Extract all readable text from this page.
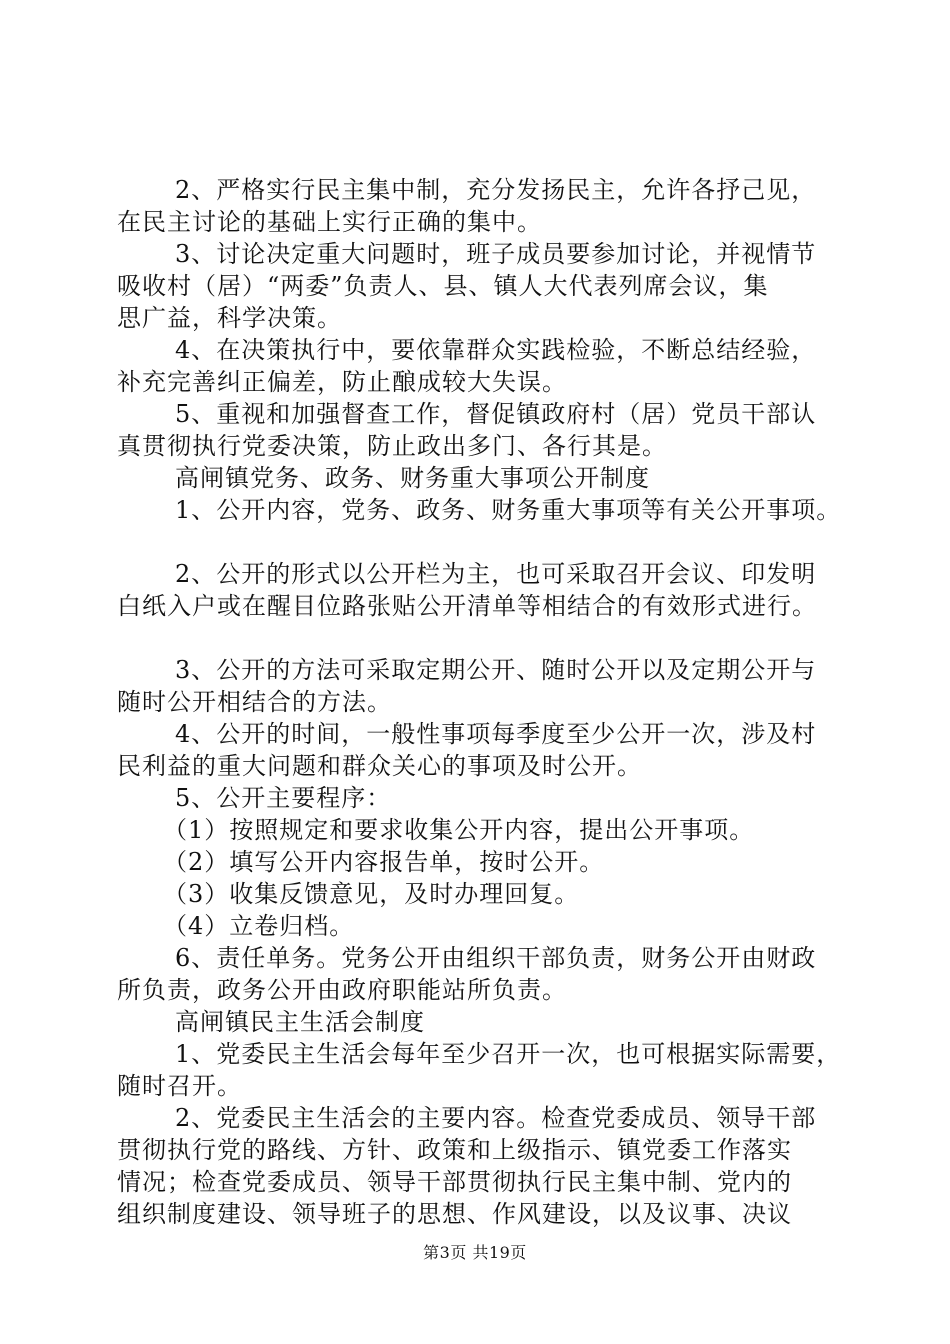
2、严格实行民主集中制，充分发扬民主，允许各抒己见，
在民主讨论的基础上实行正确的集中。
3、讨论决定重大问题时，班子成员要参加讨论，并视情节
吸收村（居）“两委”负责人、县、镇人大代表列席会议，集
思广益，科学决策。
4、在决策执行中，要依靠群众实践检验，不断总结经验，
补充完善纠正偏差，防止酿成较大失误。
5、重视和加强督查工作，督促镇政府村（居）党员干部认
真贯彻执行党委决策，防止政出多门、各行其是。
高闸镇党务、政务、财务重大事项公开制度
1、公开内容，党务、政务、财务重大事项等有关公开事项。
2、公开的形式以公开栏为主，也可采取召开会议、印发明
白纸入户或在醒目位路张贴公开清单等相结合的有效形式进行。
3、公开的方法可采取定期公开、随时公开以及定期公开与
随时公开相结合的方法。
4、公开的时间，一般性事项每季度至少公开一次，涉及村
民利益的重大问题和群众关心的事项及时公开。
5、公开主要程序：
（1）按照规定和要求收集公开内容，提出公开事项。
（2）填写公开内容报告单，按时公开。
（3）收集反馈意见，及时办理回复。
（4）立卷归档。
6、责任单务。党务公开由组织干部负责，财务公开由财政
所负责，政务公开由政府职能站所负责。
高闸镇民主生活会制度
1、党委民主生活会每年至少召开一次，也可根据实际需要，
随时召开。
2、党委民主生活会的主要内容。检查党委成员、领导干部
贯彻执行党的路线、方针、政策和上级指示、镇党委工作落实
情况；检查党委成员、领导干部贯彻执行民主集中制、党内的
组织制度建设、领导班子的思想、作风建设，以及议事、决议
第3页 共19页
